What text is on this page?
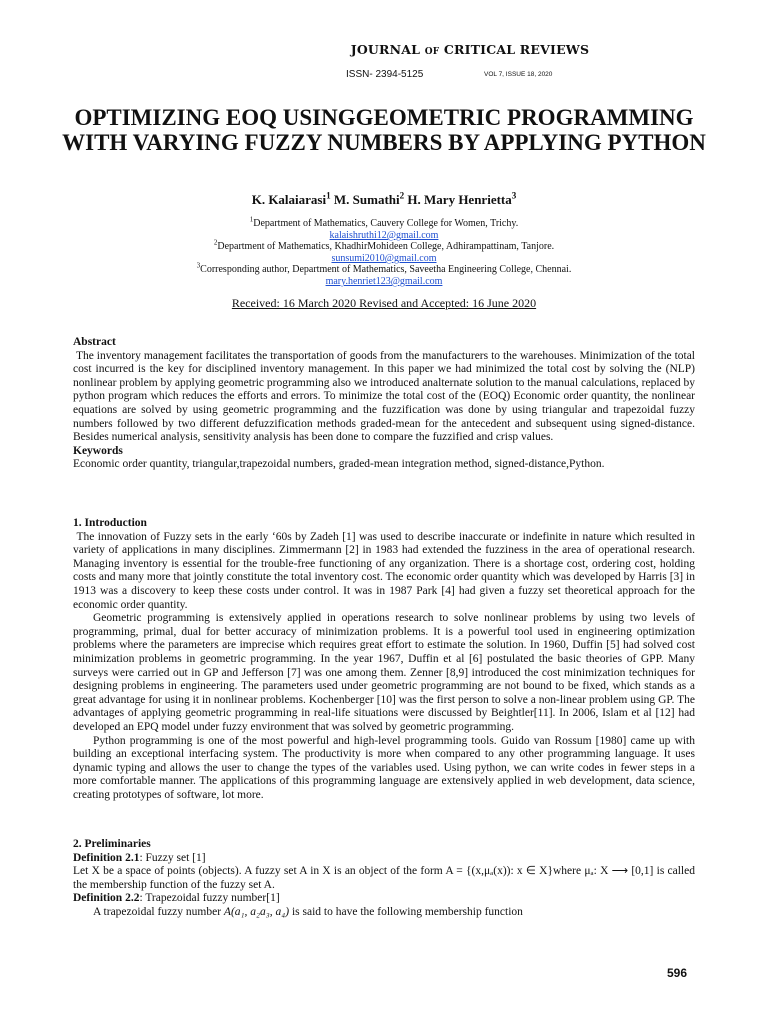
JOURNAL OF CRITICAL REVIEWS
ISSN- 2394-5125	VOL 7, ISSUE 18, 2020
OPTIMIZING EOQ USINGGEOMETRIC PROGRAMMING WITH VARYING FUZZY NUMBERS BY APPLYING PYTHON
K. Kalaiarasi$^1$ M. Sumathi$^2$ H. Mary Henrietta$^3$
$^1$Department of Mathematics, Cauvery College for Women, Trichy.
kalaishruthi12@gmail.com
$^2$Department of Mathematics, KhadhirMohideen College, Adhirampattinam, Tanjore.
sunsumi2010@gmail.com
$^3$Corresponding author, Department of Mathematics, Saveetha Engineering College, Chennai.
mary.henriet123@gmail.com
Received: 16 March 2020 Revised and Accepted: 16 June 2020
Abstract

The inventory management facilitates the transportation of goods from the manufacturers to the warehouses. Minimization of the total cost incurred is the key for disciplined inventory management. In this paper we had minimized the total cost by solving the (NLP) nonlinear problem by applying geometric programming also we introduced analternate solution to the manual calculations, replaced by python program which reduces the efforts and errors. To minimize the total cost of the (EOQ) Economic order quantity, the nonlinear equations are solved by using geometric programming and the fuzzification was done by using triangular and trapezoidal fuzzy numbers followed by two different defuzzification methods graded-mean for the antecedent and subsequent using signed-distance. Besides numerical analysis, sensitivity analysis has been done to compare the fuzzified and crisp values.

Keywords

Economic order quantity, triangular,trapezoidal numbers, graded-mean integration method, signed-distance,Python.

1. Introduction

The innovation of Fuzzy sets in the early ‘60s by Zadeh [1] was used to describe inaccurate or indefinite in nature which resulted in variety of applications in many disciplines. Zimmermann [2] in 1983 had extended the fuzziness in the area of operational research. Managing inventory is essential for the trouble-free functioning of any organization. There is a shortage cost, ordering cost, holding costs and many more that jointly constitute the total inventory cost. The economic order quantity which was developed by Harris [3] in 1913 was a discovery to keep these costs under control. It was in 1987 Park [4] had given a fuzzy set theoretical approach for the economic order quantity.

Geometric programming is extensively applied in operations research to solve nonlinear problems by using two levels of programming, primal, dual for better accuracy of minimization problems. It is a powerful tool used in engineering optimization problems where the parameters are imprecise which requires great effort to estimate the solution. In 1960, Duffin [5] had solved cost minimization problems in geometric programming. In the year 1967, Duffin et al [6] postulated the basic theories of GPP. Many surveys were carried out in GP and Jefferson [7] was one among them. Zenner [8,9] introduced the cost minimization techniques for designing problems in engineering. The parameters used under geometric programming are not bound to be fixed, which stands as a great advantage for using it in nonlinear problems. Kochenberger [10] was the first person to solve a non-linear problem using GP. The advantages of applying geometric programming in real-life situations were discussed by Beightler[11]. In 2006, Islam et al [12] had developed an EPQ model under fuzzy environment that was solved by geometric programming.

Python programming is one of the most powerful and high-level programming tools. Guido van Rossum [1980] came up with building an exceptional interfacing system. The productivity is more when compared to any other programming language. It uses dynamic typing and allows the user to change the types of the variables used. Using python, we can write codes in fewer steps in a more comfortable manner. The applications of this programming language are extensively applied in web development, data science, creating prototypes of software, lot more.

2. Preliminaries
Definition 2.1: Fuzzy set [1]

Let X be a space of points (objects). A fuzzy set A in X is an object of the form A = {(x,μₐ(x)): x ∈ X}where μₐ: X ⟶ [0,1] is called the membership function of the fuzzy set A.

Definition 2.2: Trapezoidal fuzzy number[1]

A trapezoidal fuzzy number A(a₁, a₂a₃, a₄) is said to have the following membership function

596
